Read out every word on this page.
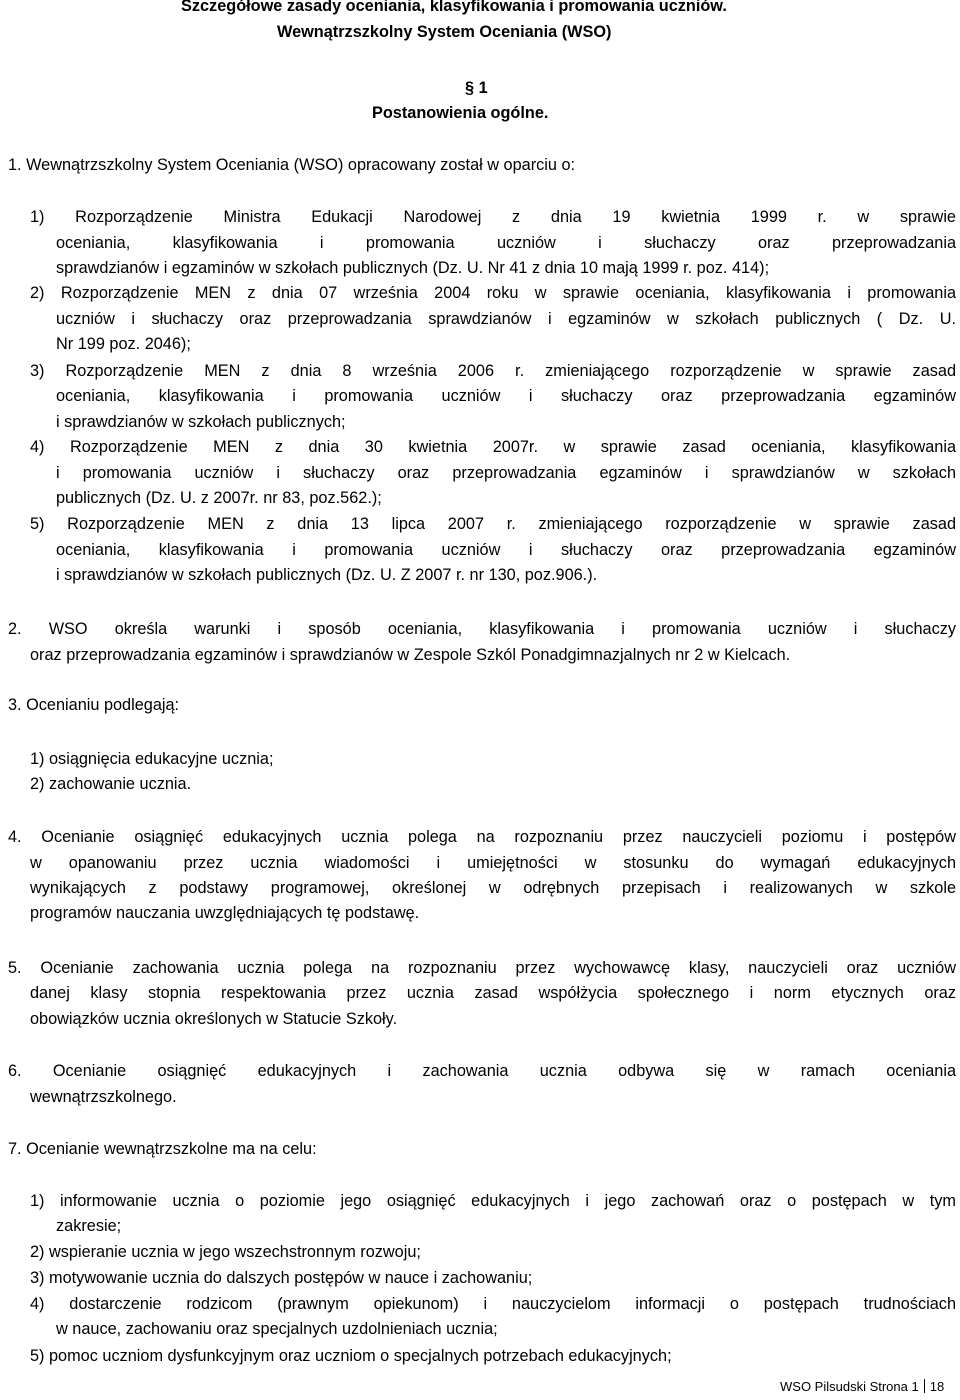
Szczegółowe zasady oceniania, klasyfikowania i promowania uczniów.
Wewnątrzszkolny System Oceniania (WSO)
§ 1
Postanowienia ogólne.
1. Wewnątrzszkolny System Oceniania (WSO) opracowany został w oparciu o:
1) Rozporządzenie Ministra Edukacji Narodowej z dnia 19 kwietnia 1999 r. w sprawie
oceniania, klasyfikowania i promowania uczniów i słuchaczy oraz przeprowadzania
sprawdzianów i egzaminów w szkołach publicznych (Dz. U. Nr 41 z dnia 10 mają 1999 r. poz. 414);
2) Rozporządzenie MEN z dnia 07 września 2004 roku w sprawie oceniania, klasyfikowania i promowania
uczniów i słuchaczy oraz przeprowadzania sprawdzianów i egzaminów w szkołach publicznych ( Dz. U.
Nr 199 poz. 2046);
3) Rozporządzenie MEN z dnia 8 września 2006 r. zmieniającego rozporządzenie w sprawie zasad
oceniania, klasyfikowania i promowania uczniów i słuchaczy oraz przeprowadzania egzaminów
i sprawdzianów w szkołach publicznych;
4) Rozporządzenie MEN z dnia 30 kwietnia 2007r. w sprawie zasad oceniania, klasyfikowania
i promowania uczniów i słuchaczy oraz przeprowadzania egzaminów i sprawdzianów w szkołach
publicznych (Dz. U. z 2007r. nr 83, poz.562.);
5) Rozporządzenie MEN z dnia 13 lipca 2007 r. zmieniającego rozporządzenie w sprawie zasad
oceniania, klasyfikowania i promowania uczniów i słuchaczy oraz przeprowadzania egzaminów
i sprawdzianów w szkołach publicznych (Dz. U. Z 2007 r. nr 130, poz.906.).
2. WSO określa warunki i sposób oceniania, klasyfikowania i promowania uczniów i słuchaczy
oraz przeprowadzania egzaminów i sprawdzianów w Zespole Szkól Ponadgimnazjalnych nr 2 w Kielcach.
3. Ocenianiu podlegają:
1) osiągnięcia edukacyjne ucznia;
2) zachowanie ucznia.
4. Ocenianie osiągnięć edukacyjnych ucznia polega na rozpoznaniu przez nauczycieli poziomu i postępów
w opanowaniu przez ucznia wiadomości i umiejętności w stosunku do wymagań edukacyjnych
wynikających z podstawy programowej, określonej w odrębnych przepisach i realizowanych w szkole
programów nauczania uwzględniających tę podstawę.
5. Ocenianie zachowania ucznia polega na rozpoznaniu przez wychowawcę klasy, nauczycieli oraz uczniów
danej klasy stopnia respektowania przez ucznia zasad współżycia społecznego i norm etycznych oraz
obowiązków ucznia określonych w Statucie Szkoły.
6. Ocenianie osiągnięć edukacyjnych i zachowania ucznia odbywa się w ramach oceniania
wewnątrzszkolnego.
7. Ocenianie wewnątrzszkolne ma na celu:
1) informowanie ucznia o poziomie jego osiągnięć edukacyjnych i jego zachowań oraz o postępach w tym
zakresie;
2) wspieranie ucznia w jego wszechstronnym rozwoju;
3) motywowanie ucznia do dalszych postępów w nauce i zachowaniu;
4) dostarczenie rodzicom (prawnym opiekunom) i nauczycielom informacji o postępach trudnościach
w nauce, zachowaniu oraz specjalnych uzdolnieniach ucznia;
5) pomoc uczniom dysfunkcyjnym oraz uczniom o specjalnych potrzebach edukacyjnych;
WSO Pilsudski Strona 1 18
